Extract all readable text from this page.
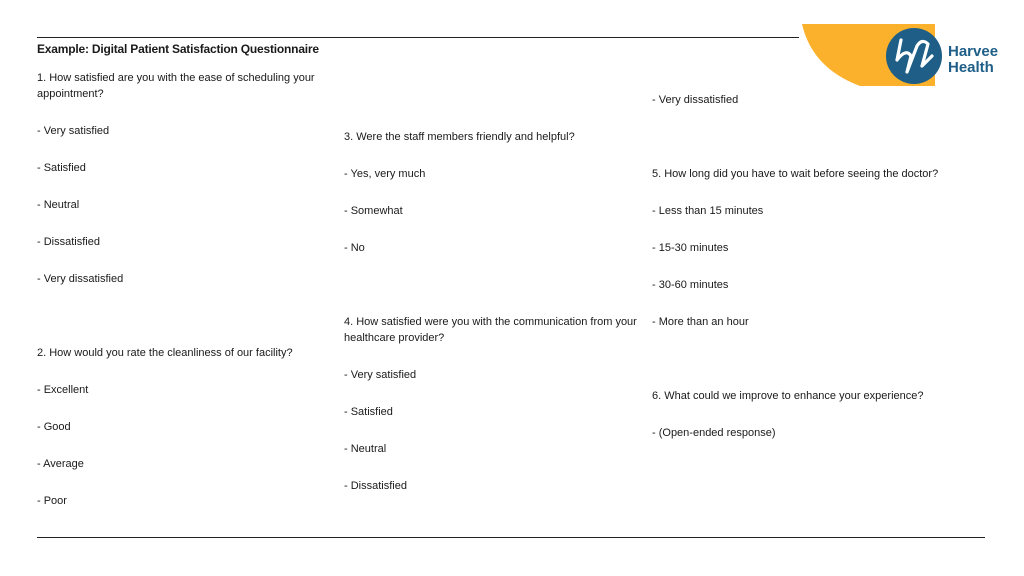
Harvee
Health
Example: Digital Patient Satisfaction Questionnaire
1. How satisfied are you with the ease of scheduling your appointment?
- Very satisfied
- Satisfied
- Neutral
- Dissatisfied
- Very dissatisfied
2. How would you rate the cleanliness of our facility?
- Excellent
- Good
- Average
- Poor
3. Were the staff members friendly and helpful?
- Yes, very much
- Somewhat
- No
4. How satisfied were you with the communication from your healthcare provider?
- Very satisfied
- Satisfied
- Neutral
- Dissatisfied
- Very dissatisfied
5. How long did you have to wait before seeing the doctor?
- Less than 15 minutes
- 15-30 minutes
- 30-60 minutes
- More than an hour
6. What could we improve to enhance your experience?
- (Open-ended response)
